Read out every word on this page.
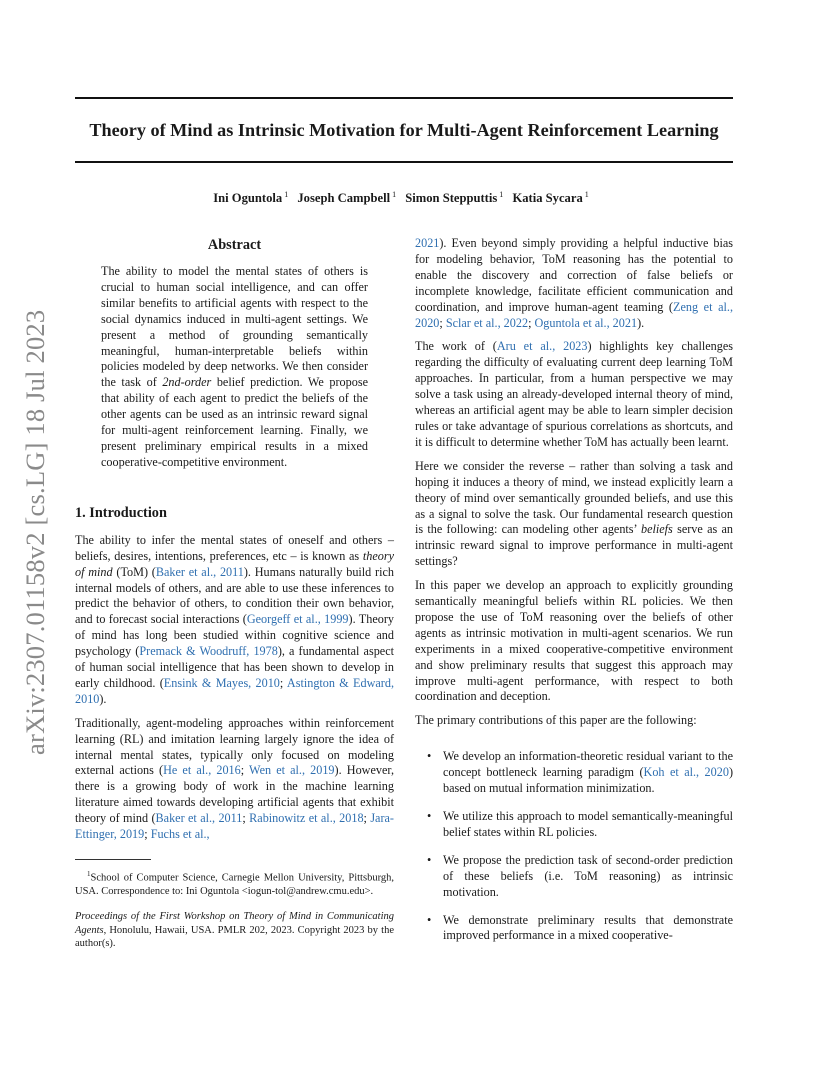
arXiv:2307.01158v2 [cs.LG] 18 Jul 2023
Theory of Mind as Intrinsic Motivation for Multi-Agent Reinforcement Learning
Ini Oguntola $^1$ Joseph Campbell $^1$ Simon Stepputtis $^1$ Katia Sycara $^1$
Abstract

The ability to model the mental states of others is crucial to human social intelligence, and can offer similar benefits to artificial agents with respect to the social dynamics induced in multi-agent settings. We present a method of grounding semantically meaningful, human-interpretable beliefs within policies modeled by deep networks. We then consider the task of 2nd-order belief prediction. We propose that ability of each agent to predict the beliefs of the other agents can be used as an intrinsic reward signal for multi-agent reinforcement learning. Finally, we present preliminary empirical results in a mixed cooperative-competitive environment.

1. Introduction

The ability to infer the mental states of oneself and others – beliefs, desires, intentions, preferences, etc – is known as theory of mind (ToM) (Baker et al., 2011). Humans naturally build rich internal models of others, and are able to use these inferences to predict the behavior of others, to condition their own behavior, and to forecast social interactions (Georgeff et al., 1999). Theory of mind has long been studied within cognitive science and psychology (Premack & Woodruff, 1978), a fundamental aspect of human social intelligence that has been shown to develop in early childhood. (Ensink & Mayes, 2010; Astington & Edward, 2010).

Traditionally, agent-modeling approaches within reinforcement learning (RL) and imitation learning largely ignore the idea of internal mental states, typically only focused on modeling external actions (He et al., 2016; Wen et al., 2019). However, there is a growing body of work in the machine learning literature aimed towards developing artificial agents that exhibit theory of mind (Baker et al., 2011; Rabinowitz et al., 2018; Jara-Ettinger, 2019; Fuchs et al.,

$^1$School of Computer Science, Carnegie Mellon University, Pittsburgh, USA. Correspondence to: Ini Oguntola <iogun-tol@andrew.cmu.edu>.

Proceedings of the First Workshop on Theory of Mind in Communicating Agents, Honolulu, Hawaii, USA. PMLR 202, 2023. Copyright 2023 by the author(s).

2021). Even beyond simply providing a helpful inductive bias for modeling behavior, ToM reasoning has the potential to enable the discovery and correction of false beliefs or incomplete knowledge, facilitate efficient communication and coordination, and improve human-agent teaming (Zeng et al., 2020; Sclar et al., 2022; Oguntola et al., 2021).

The work of (Aru et al., 2023) highlights key challenges regarding the difficulty of evaluating current deep learning ToM approaches. In particular, from a human perspective we may solve a task using an already-developed internal theory of mind, whereas an artificial agent may be able to learn simpler decision rules or take advantage of spurious correlations as shortcuts, and it is difficult to determine whether ToM has actually been learnt.

Here we consider the reverse – rather than solving a task and hoping it induces a theory of mind, we instead explicitly learn a theory of mind over semantically grounded beliefs, and use this as a signal to solve the task. Our fundamental research question is the following: can modeling other agents’ beliefs serve as an intrinsic reward signal to improve performance in multi-agent settings?

In this paper we develop an approach to explicitly grounding semantically meaningful beliefs within RL policies. We then propose the use of ToM reasoning over the beliefs of other agents as intrinsic motivation in multi-agent scenarios. We run experiments in a mixed cooperative-competitive environment and show preliminary results that suggest this approach may improve multi-agent performance, with respect to both coordination and deception.

The primary contributions of this paper are the following:

• We develop an information-theoretic residual variant to the concept bottleneck learning paradigm (Koh et al., 2020) based on mutual information minimization.
• We utilize this approach to model semantically-meaningful belief states within RL policies.
• We propose the prediction task of second-order prediction of these beliefs (i.e. ToM reasoning) as intrinsic motivation.
• We demonstrate preliminary results that demonstrate improved performance in a mixed cooperative-
